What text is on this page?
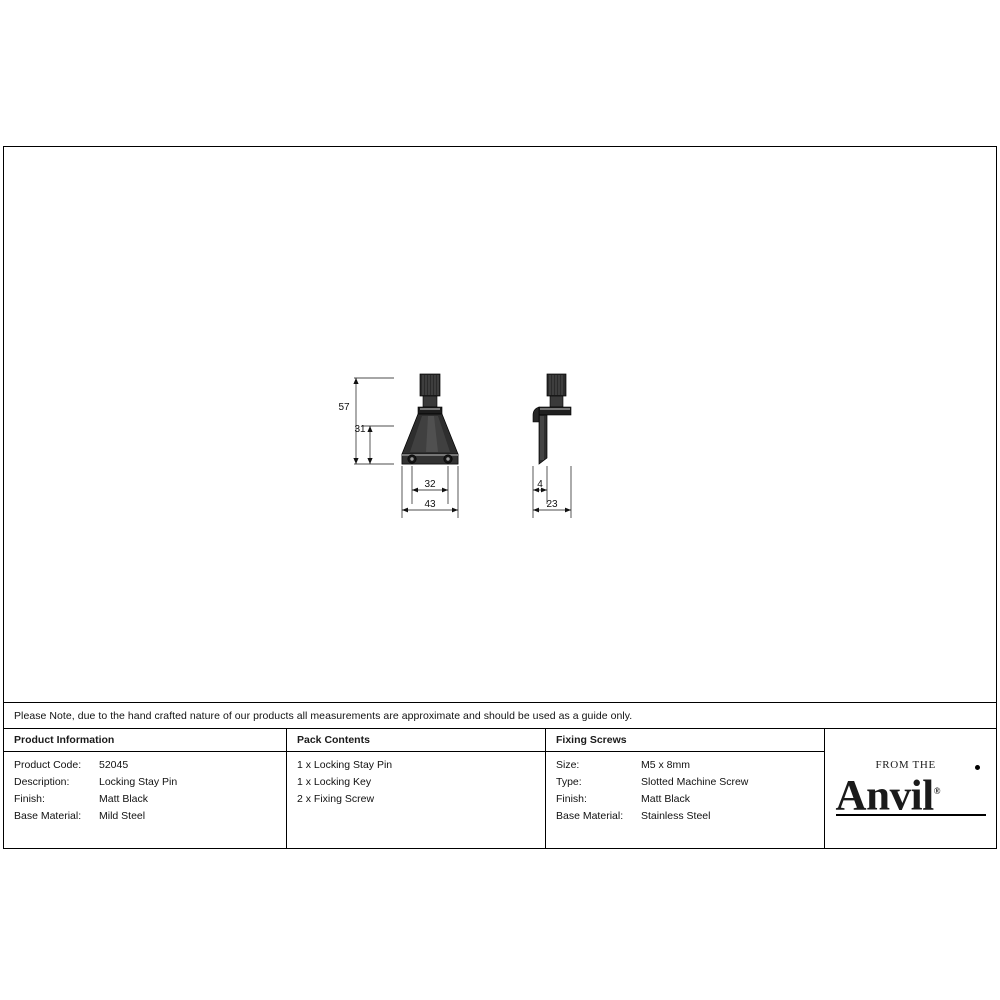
57
31
32
43
4
23
Please Note, due to the hand crafted nature of our products all measurements are approximate and should be used as a guide only.
Product Information
Product Code:	52045
Description:	Locking Stay Pin
Finish:	Matt Black
Base Material:	Mild Steel
Pack Contents
1 x Locking Stay Pin
1 x Locking Key
2 x Fixing Screw
Fixing Screws
Size:	M5 x 8mm
Type:	Slotted Machine Screw
Finish:	Matt Black
Base Material:	Stainless Steel
FROM THE
Anvil®
